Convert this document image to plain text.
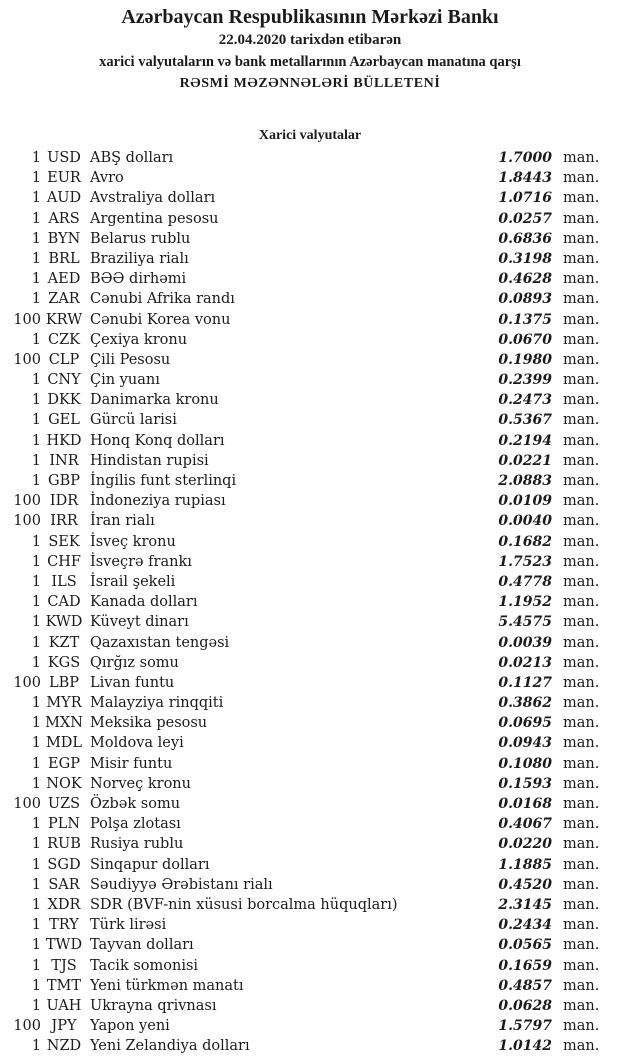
Azərbaycan Respublikasının Mərkəzi Bankı
22.04.2020 tarixdən etibarən
xarici valyutaların və bank metallarının Azərbaycan manatına qarşı
RƏSMİ MƏZƏNNƏLƏRİ BÜLLETENİ
Xarici valyutalar
1 USD ABŞ dolları	1.7000 man.
1 EUR Avro	1.8443 man.
1 AUD Avstraliya dolları	1.0716 man.
1 ARS Argentina pesosu	0.0257 man.
1 BYN Belarus rublu	0.6836 man.
1 BRL Braziliya rialı	0.3198 man.
1 AED BƏƏ dirhəmi	0.4628 man.
1 ZAR Cənubi Afrika randı	0.0893 man.
100 KRW Cənubi Korea vonu	0.1375 man.
1 CZK Çexiya kronu	0.0670 man.
100 CLP Çili Pesosu	0.1980 man.
1 CNY Çin yuanı	0.2399 man.
1 DKK Danimarka kronu	0.2473 man.
1 GEL Gürcü larisi	0.5367 man.
1 HKD Honq Konq dolları	0.2194 man.
1 INR Hindistan rupisi	0.0221 man.
1 GBP İngilis funt sterlinqi	2.0883 man.
100 IDR İndoneziya rupiası	0.0109 man.
100 IRR İran rialı	0.0040 man.
1 SEK İsveç kronu	0.1682 man.
1 CHF İsveçrə frankı	1.7523 man.
1 ILS İsrail şekeli	0.4778 man.
1 CAD Kanada dolları	1.1952 man.
1 KWD Küveyt dinarı	5.4575 man.
1 KZT Qazaxıstan tengəsi	0.0039 man.
1 KGS Qırğız somu	0.0213 man.
100 LBP Livan funtu	0.1127 man.
1 MYR Malayziya rinqqiti	0.3862 man.
1 MXN Meksika pesosu	0.0695 man.
1 MDL Moldova leyi	0.0943 man.
1 EGP Misir funtu	0.1080 man.
1 NOK Norveç kronu	0.1593 man.
100 UZS Özbək somu	0.0168 man.
1 PLN Polşa zlotası	0.4067 man.
1 RUB Rusiya rublu	0.0220 man.
1 SGD Sinqapur dolları	1.1885 man.
1 SAR Səudiyyə Ərəbistanı rialı	0.4520 man.
1 XDR SDR (BVF-nin xüsusi borcalma hüquqları)	2.3145 man.
1 TRY Türk lirəsi	0.2434 man.
1 TWD Tayvan dolları	0.0565 man.
1 TJS Tacik somonisi	0.1659 man.
1 TMT Yeni türkmən manatı	0.4857 man.
1 UAH Ukrayna qrivnası	0.0628 man.
100 JPY Yapon yeni	1.5797 man.
1 NZD Yeni Zelandiya dolları	1.0142 man.
